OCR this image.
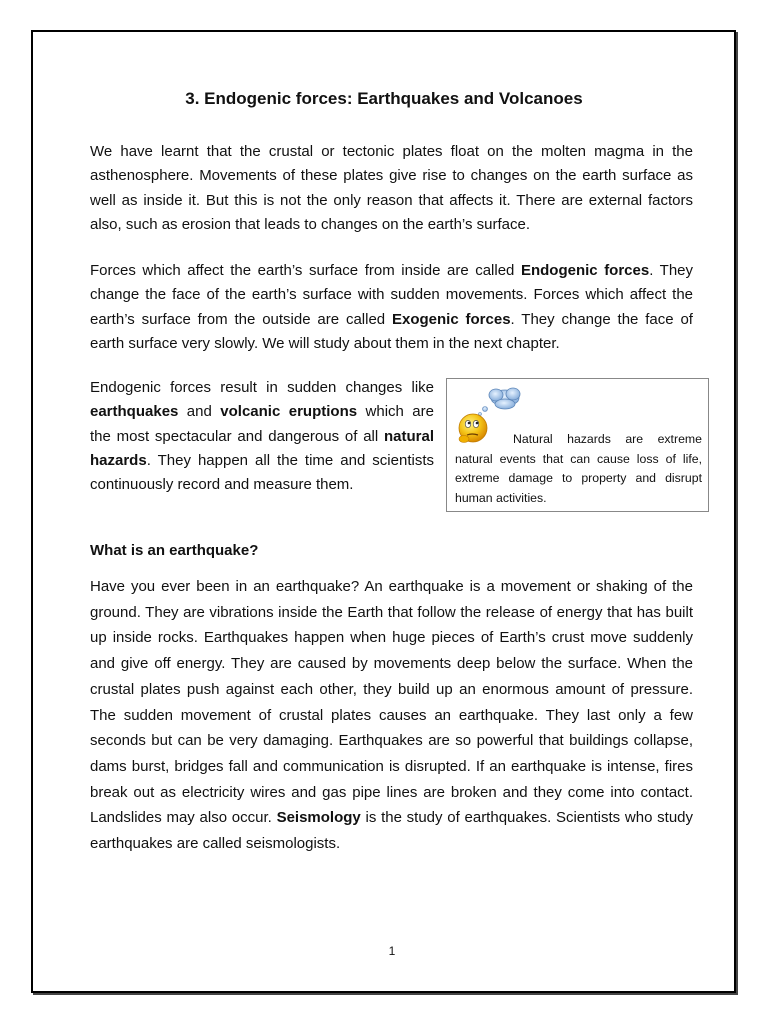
3. Endogenic forces: Earthquakes and Volcanoes

We have learnt that the crustal or tectonic plates float on the molten magma in the asthenosphere. Movements of these plates give rise to changes on the earth surface as well as inside it. But this is not the only reason that affects it. There are external factors also, such as erosion that leads to changes on the earth’s surface.

Forces which affect the earth’s surface from inside are called Endogenic forces. They change the face of the earth’s surface with sudden movements. Forces which affect the earth’s surface from the outside are called Exogenic forces. They change the face of earth surface very slowly. We will study about them in the next chapter.

Endogenic forces result in sudden changes like earthquakes and volcanic eruptions which are the most spectacular and dangerous of all natural hazards. They happen all the time and scientists continuously record and measure them.

Natural hazards are extreme natural events that can cause loss of life, extreme damage to property and disrupt human activities.

What is an earthquake?

Have you ever been in an earthquake? An earthquake is a movement or shaking of the ground. They are vibrations inside the Earth that follow the release of energy that has built up inside rocks. Earthquakes happen when huge pieces of Earth’s crust move suddenly and give off energy. They are caused by movements deep below the surface. When the crustal plates push against each other, they build up an enormous amount of pressure. The sudden movement of crustal plates causes an earthquake. They last only a few seconds but can be very damaging. Earthquakes are so powerful that buildings collapse, dams burst, bridges fall and communication is disrupted. If an earthquake is intense, fires break out as electricity wires and gas pipe lines are broken and they come into contact. Landslides may also occur. Seismology is the study of earthquakes. Scientists who study earthquakes are called seismologists.

1
